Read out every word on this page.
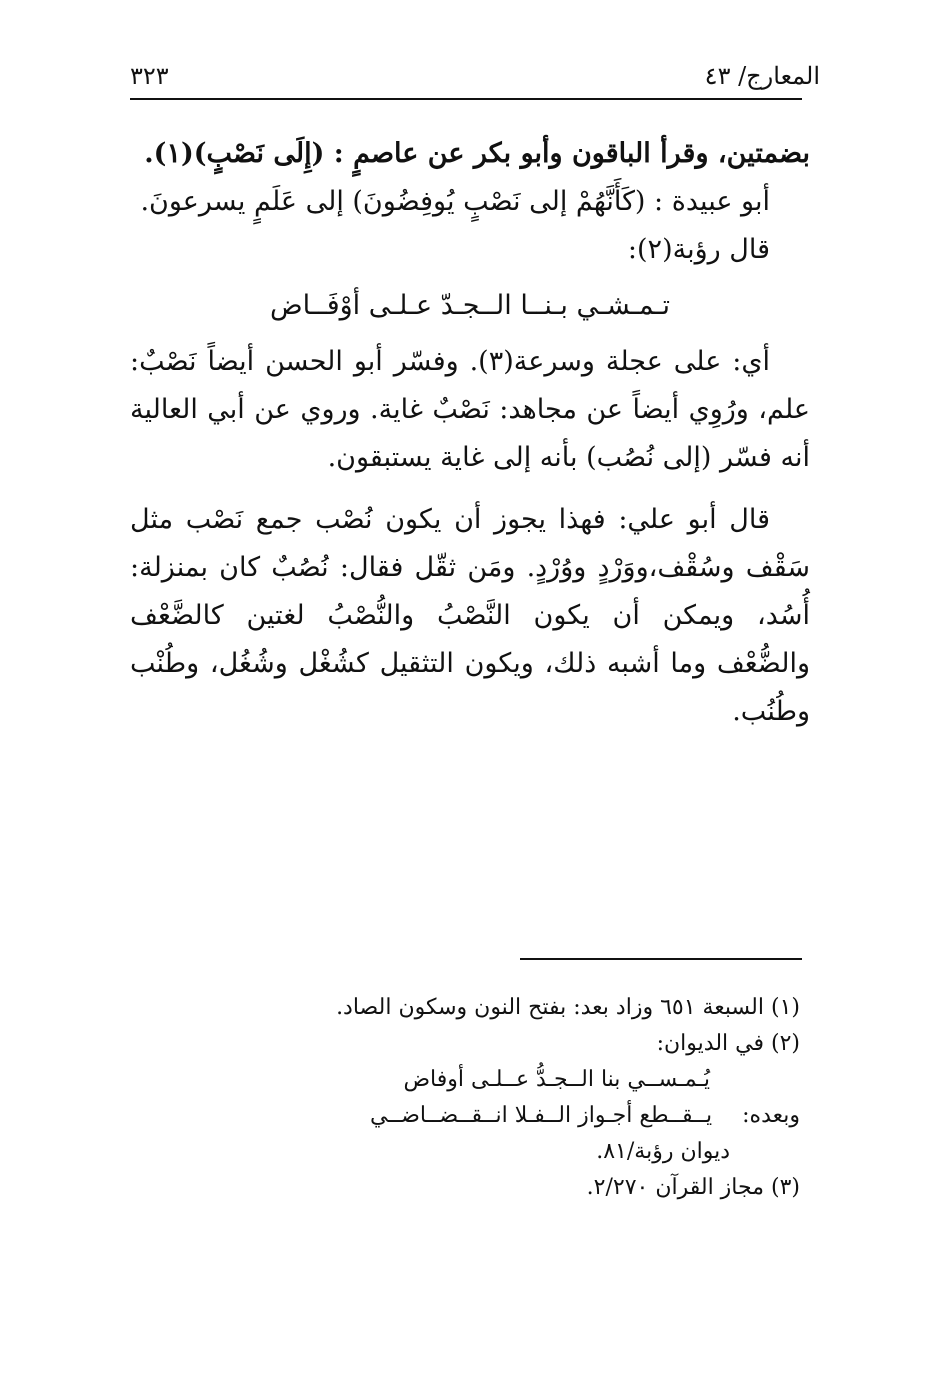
المعارج/ ٤٣
٣٢٣

بضمتين، وقرأ الباقون وأبو بكر عن عاصمٍ : (إِلَى نَصْبٍ)(١).

أبو عبيدة : (كَأَنَّهُمْ إلى نَصْبٍ يُوفِضُونَ) إلى عَلَمٍ يسرعونَ.

قال رؤبة(٢):

تـمـشـي بـنــا الــجـدّ عـلـى أوْفَــاض

أي: على عجلة وسرعة(٣). وفسّر أبو الحسن أيضاً نَصْبٌ: علم، ورُوِي أيضاً عن مجاهد: نَصْبٌ غاية. وروي عن أبي العالية أنه فسّر (إلى نُصُب) بأنه إلى غاية يستبقون.

قال أبو علي: فهذا يجوز أن يكون نُصْب جمع نَصْب مثل سَقْف وسُقْف،ووَرْدٍ ووُرْدٍ. ومَن ثقّل فقال: نُصُبٌ كان بمنزلة: أُسُد، ويمكن أن يكون النَّصْبُ والنُّصْبُ لغتين كالضَّعْف والضُّعْف وما أشبه ذلك، ويكون التثقيل كشُغْل وشُغُل، وطُنْب وطُنُب.

(١) السبعة ٦٥١ وزاد بعد: بفتح النون وسكون الصاد.

(٢) في الديوان:

يُـمـســي بنا الــجـدُّ عــلـى أوفاض

وبعده:
يــقــطع أجـواز الــفـلا انــقــضــاضــي

ديوان رؤبة/٨١.

(٣) مجاز القرآن ٢/٢٧٠.
